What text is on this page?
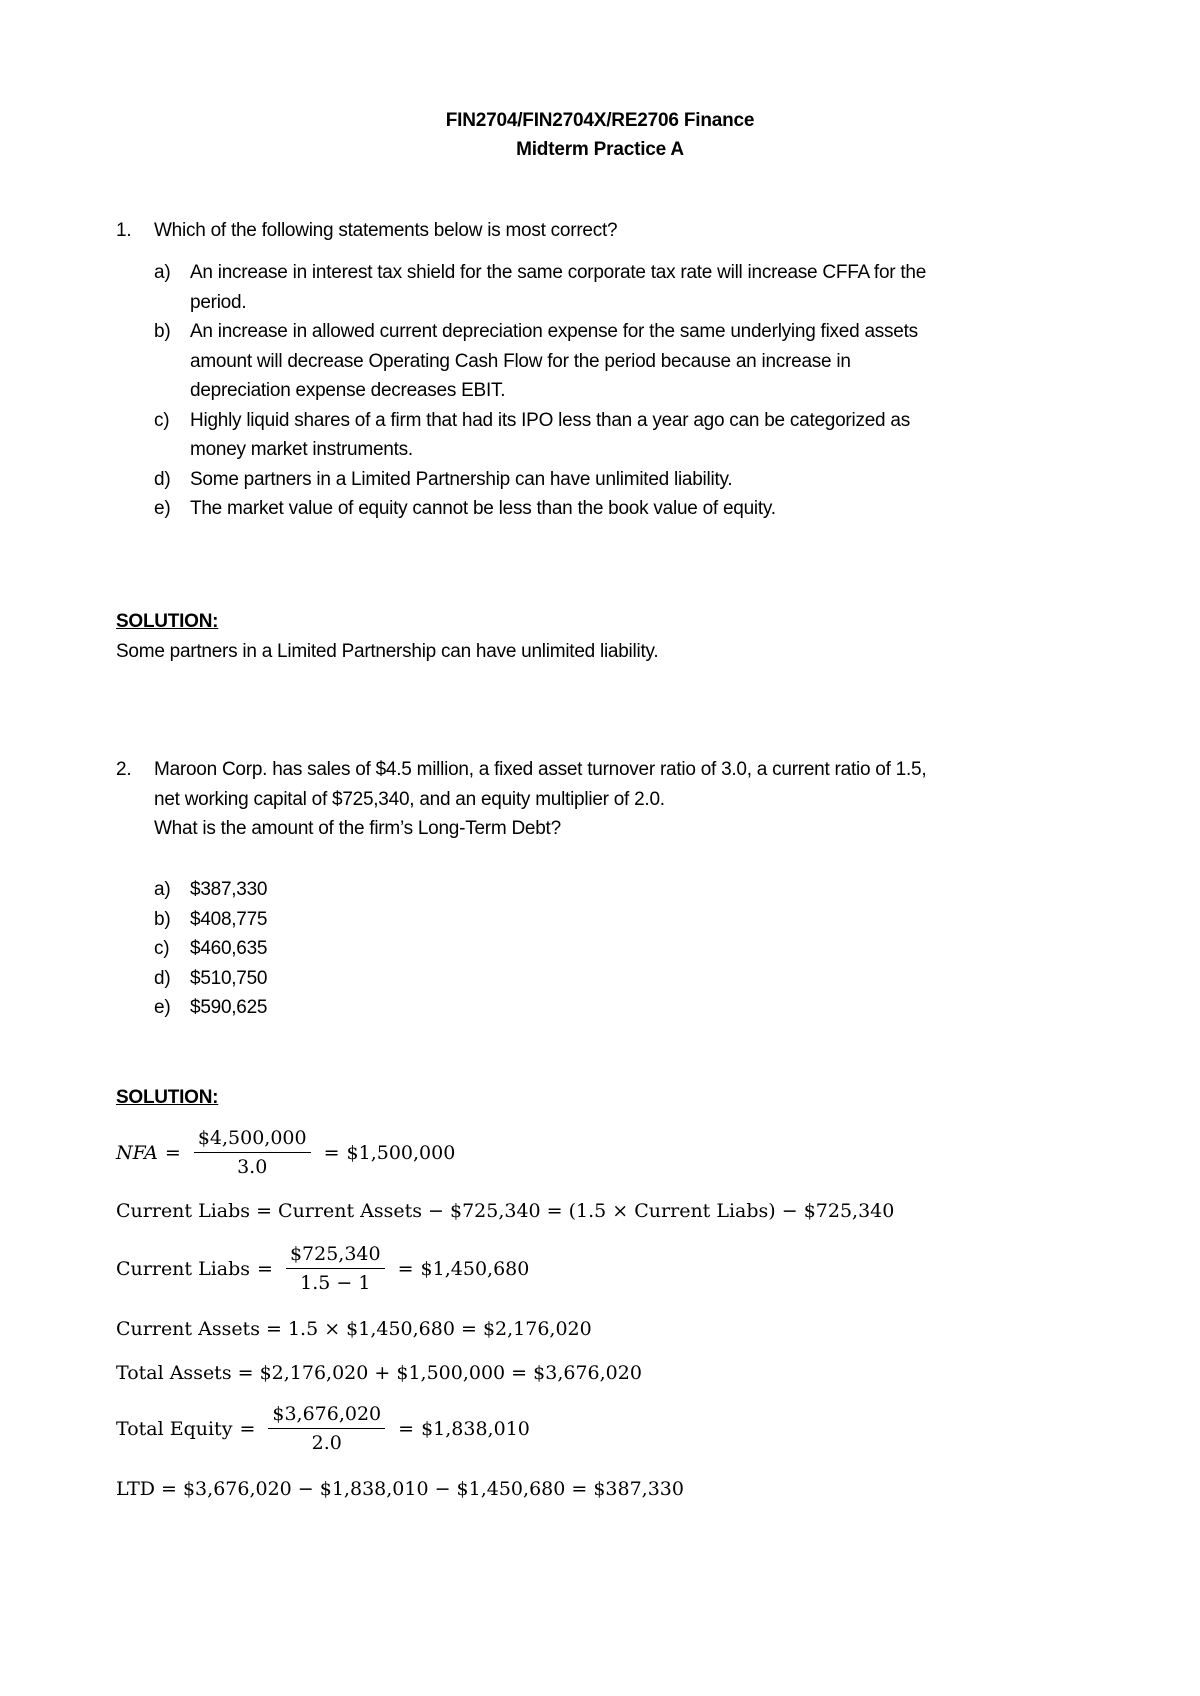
FIN2704/FIN2704X/RE2706 Finance
Midterm Practice A
1. Which of the following statements below is most correct?
a) An increase in interest tax shield for the same corporate tax rate will increase CFFA for the
period.
b) An increase in allowed current depreciation expense for the same underlying fixed assets
amount will decrease Operating Cash Flow for the period because an increase in
depreciation expense decreases EBIT.
c) Highly liquid shares of a firm that had its IPO less than a year ago can be categorized as
money market instruments.
d) Some partners in a Limited Partnership can have unlimited liability.
e) The market value of equity cannot be less than the book value of equity.
SOLUTION:
Some partners in a Limited Partnership can have unlimited liability.
2. Maroon Corp. has sales of $4.5 million, a fixed asset turnover ratio of 3.0, a current ratio of 1.5,
net working capital of $725,340, and an equity multiplier of 2.0.
What is the amount of the firm’s Long-Term Debt?
a) $387,330
b) $408,775
c) $460,635
d) $510,750
e) $590,625
SOLUTION:
NFA = $\frac{\$4,500,000}{3.0}$ = $1,500,000
Current Liabs = Current Assets − $725,340 = (1.5 × Current Liabs) − $725,340
Current Liabs = $\frac{\$725,340}{1.5 - 1}$ = $1,450,680
Current Assets = 1.5 × $1,450,680 = $2,176,020
Total Assets = $2,176,020 + $1,500,000 = $3,676,020
Total Equity = $\frac{\$3,676,020}{2.0}$ = $1,838,010
LTD = $3,676,020 − $1,838,010 − $1,450,680 = $387,330
